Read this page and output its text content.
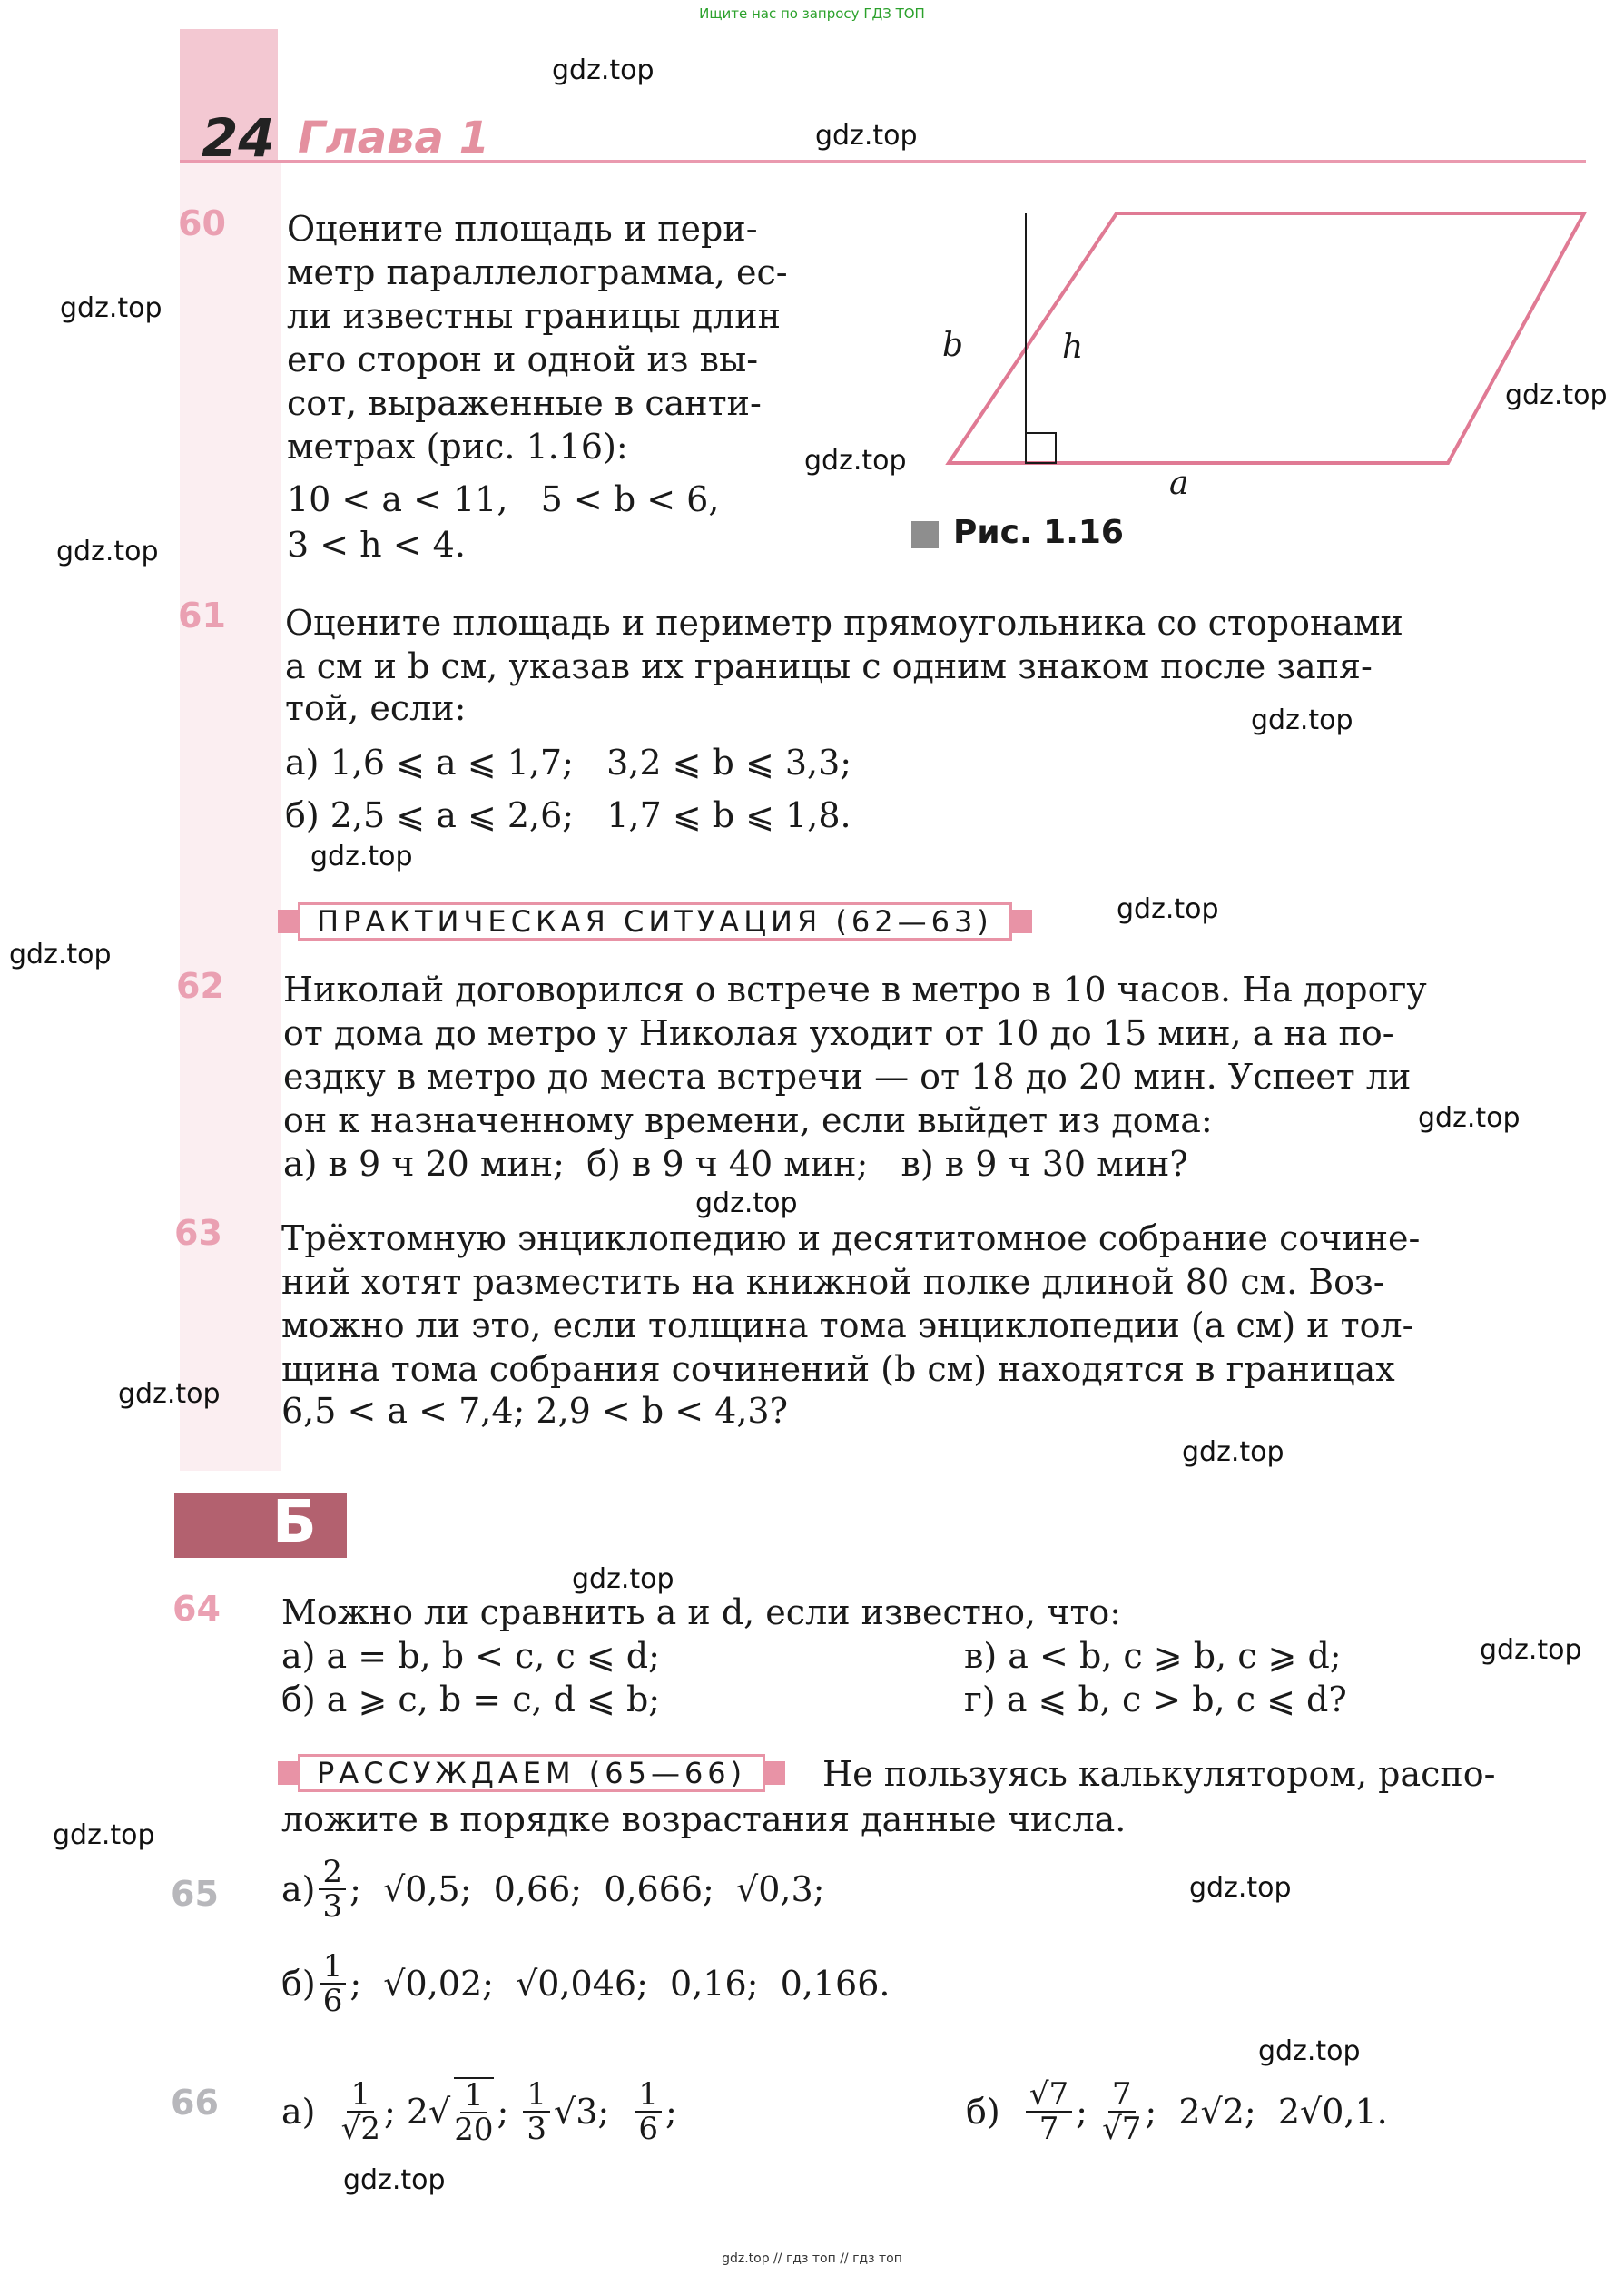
Ищите нас по запросу ГДЗ ТОП
gdz.top // гдз топ // гдз топ
24 Глава 1
gdz.top
gdz.top
gdz.top
gdz.top
gdz.top
gdz.top
gdz.top
gdz.top
gdz.top
gdz.top
gdz.top
gdz.top
gdz.top
gdz.top
gdz.top
gdz.top
gdz.top
gdz.top
gdz.top
gdz.top
b	h
a
Рис. 1.16
60 Оцените площадь и пери-
метр параллелограмма, ес-
ли известны границы длин
его сторон и одной из вы-
сот, выраженные в санти-
метрах (рис. 1.16):
10 < a < 11,   5 < b < 6,
3 < h < 4.
61 Оцените площадь и периметр прямоугольника со сторонами
a см и b см, указав их границы с одним знаком после запя-
той, если:
а) 1,6 ⩽ a ⩽ 1,7;   3,2 ⩽ b ⩽ 3,3;
б) 2,5 ⩽ a ⩽ 2,6;   1,7 ⩽ b ⩽ 1,8.
ПРАКТИЧЕСКАЯ СИТУАЦИЯ (62—63)
62 Николай договорился о встрече в метро в 10 часов. На дорогу
от дома до метро у Николая уходит от 10 до 15 мин, а на по-
ездку в метро до места встречи — от 18 до 20 мин. Успеет ли
он к назначенному времени, если выйдет из дома:
а) в 9 ч 20 мин;  б) в 9 ч 40 мин;   в) в 9 ч 30 мин?
63 Трёхтомную энциклопедию и десятитомное собрание сочине-
ний хотят разместить на книжной полке длиной 80 см. Воз-
можно ли это, если толщина тома энциклопедии (a см) и тол-
щина тома собрания сочинений (b см) находятся в границах
6,5 < a < 7,4; 2,9 < b < 4,3?
Б
64 Можно ли сравнить a и d, если известно, что:
а) a = b, b < c, c ⩽ d;	в) a < b, c ⩾ b, c ⩾ d;
б) a ⩾ c, b = c, d ⩽ b;	г) a ⩽ b, c > b, c ⩽ d?
РАССУЖДАЕМ (65—66)	Не пользуясь калькулятором, распо-
ложите в порядке возрастания данные числа.
65 $а) \frac{2}{3}$ ;  √0,5;  0,66;  0,666;  √0,3;
$б) \frac{1}{6}$ ;  √0,02;  √0,046;  0,16;  0,166.
66 а)

$\frac{1}{√2}$ ; $2√ \frac{1}{20}$ ; $\frac{1}{3} √3$;

$\frac{1}{6}$ ;	б)

$\frac{√7}{7}$ ; $\frac{7}{√7}$ ;  2√2;  2√0,1.
